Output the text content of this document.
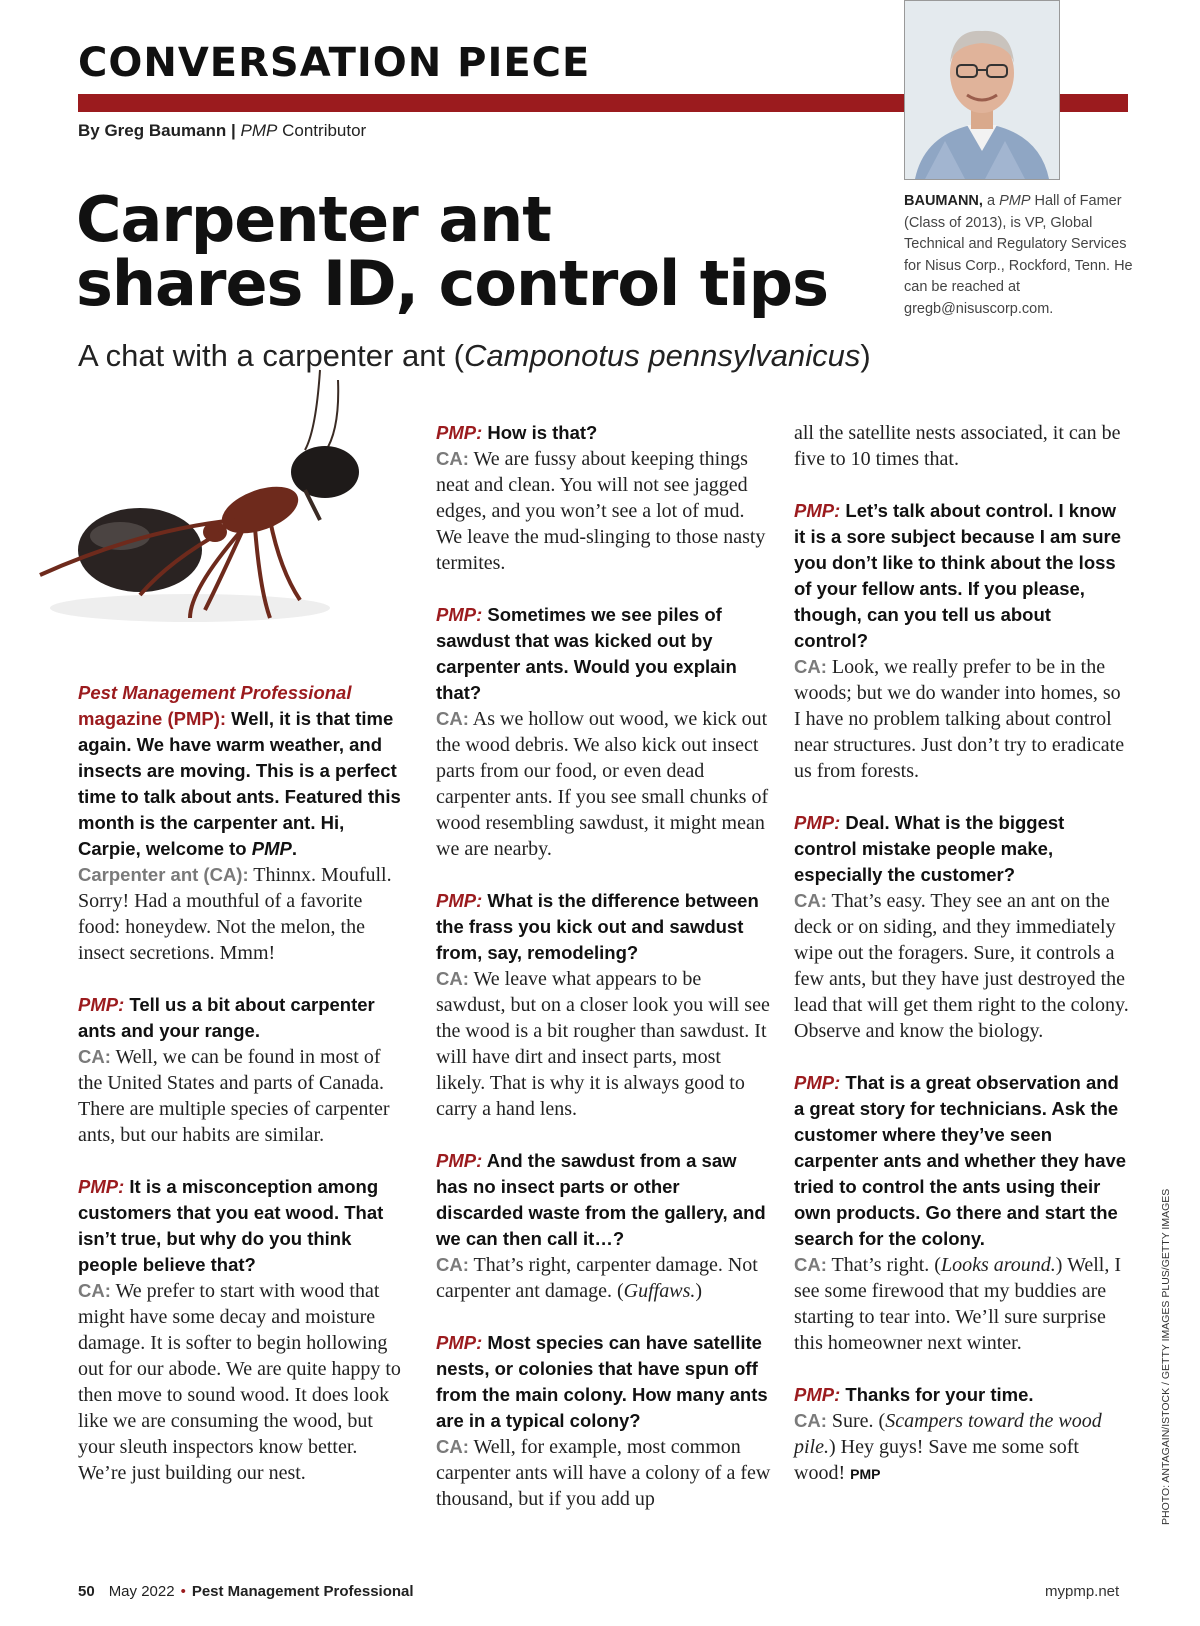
CONVERSATION PIECE
By Greg Baumann | PMP Contributor
BAUMANN, a PMP Hall of Famer (Class of 2013), is VP, Global Technical and Regulatory Services for Nisus Corp., Rockford, Tenn. He can be reached at gregb@nisuscorp.com.
Carpenter ant
shares ID, control tips
A chat with a carpenter ant (Camponotus pennsylvanicus)

Pest Management Professional
magazine (PMP): Well, it is that time again. We have warm weather, and insects are moving. This is a perfect time to talk about ants. Featured this month is the carpenter ant. Hi, Carpie, welcome to PMP.
Carpenter ant (CA): Thinnx. Moufull. Sorry! Had a mouthful of a favorite food: honeydew. Not the melon, the insect secretions. Mmm!

PMP: Tell us a bit about carpenter ants and your range.
CA: Well, we can be found in most of the United States and parts of Canada. There are multiple species of carpenter ants, but our habits are similar.

PMP: It is a misconception among customers that you eat wood. That isn’t true, but why do you think people believe that?
CA: We prefer to start with wood that might have some decay and moisture damage. It is softer to begin hollowing out for our abode. We are quite happy to then move to sound wood. It does look like we are consuming the wood, but your sleuth inspectors know better. We’re just building our nest.

PMP: How is that?
CA: We are fussy about keeping things neat and clean. You will not see jagged edges, and you won’t see a lot of mud. We leave the mud-slinging to those nasty termites.

PMP: Sometimes we see piles of sawdust that was kicked out by carpenter ants. Would you explain that?
CA: As we hollow out wood, we kick out the wood debris. We also kick out insect parts from our food, or even dead carpenter ants. If you see small chunks of wood resembling sawdust, it might mean we are nearby.

PMP: What is the difference between the frass you kick out and sawdust from, say, remodeling?
CA: We leave what appears to be sawdust, but on a closer look you will see the wood is a bit rougher than sawdust. It will have dirt and insect parts, most likely. That is why it is always good to carry a hand lens.

PMP: And the sawdust from a saw has no insect parts or other discarded waste from the gallery, and we can then call it…?
CA: That’s right, carpenter damage. Not carpenter ant damage. (Guffaws.)

PMP: Most species can have satellite nests, or colonies that have spun off from the main colony. How many ants are in a typical colony?
CA: Well, for example, most common carpenter ants will have a colony of a few thousand, but if you add up

all the satellite nests associated, it can be five to 10 times that.

PMP: Let’s talk about control. I know it is a sore subject because I am sure you don’t like to think about the loss of your fellow ants. If you please, though, can you tell us about control?
CA: Look, we really prefer to be in the woods; but we do wander into homes, so I have no problem talking about control near structures. Just don’t try to eradicate us from forests.

PMP: Deal. What is the biggest control mistake people make, especially the customer?
CA: That’s easy. They see an ant on the deck or on siding, and they immediately wipe out the foragers. Sure, it controls a few ants, but they have just destroyed the lead that will get them right to the colony. Observe and know the biology.

PMP: That is a great observation and a great story for technicians. Ask the customer where they’ve seen carpenter ants and whether they have tried to control the ants using their own products. Go there and start the search for the colony.
CA: That’s right. (Looks around.) Well, I see some firewood that my buddies are starting to tear into. We’ll sure surprise this homeowner next winter.

PMP: Thanks for your time.
CA: Sure. (Scampers toward the wood pile.) Hey guys! Save me some soft wood! PMP	PHOTO: ANTAGAIN/ISTOCK / GETTY IMAGES PLUS/GETTY IMAGES
50 May 2022 • Pest Management Professional	mypmp.net
